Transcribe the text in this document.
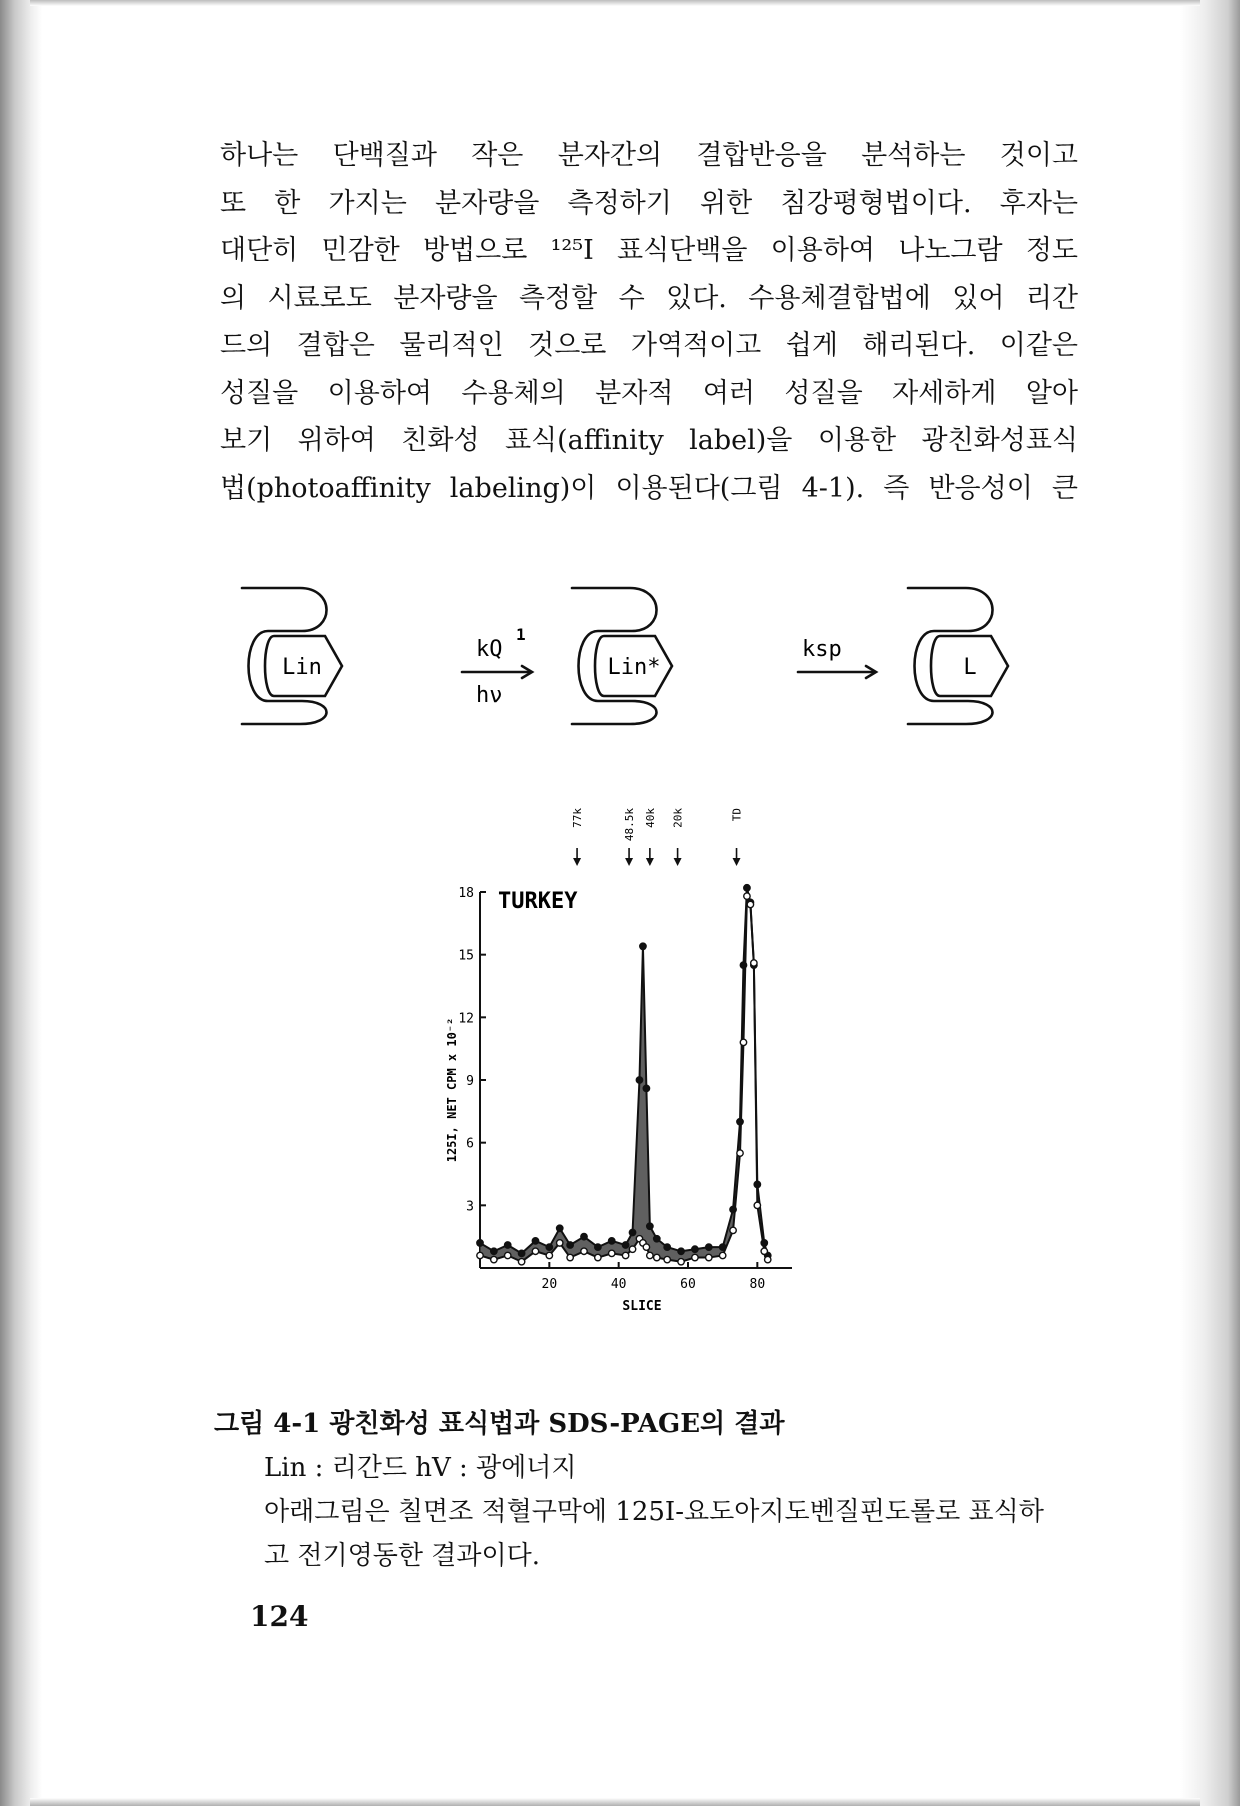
하나는 단백질과 작은 분자간의 결합반응을 분석하는 것이고
또 한 가지는 분자량을 측정하기 위한 침강평형법이다. 후자는
대단히 민감한 방법으로 ¹²⁵I 표식단백을 이용하여 나노그람 정도
의 시료로도 분자량을 측정할 수 있다. 수용체결합법에 있어 리간
드의 결합은 물리적인 것으로 가역적이고 쉽게 해리된다. 이같은
성질을 이용하여 수용체의 분자적 여러 성질을 자세하게 알아
보기 위하여 친화성 표식(affinity label)을 이용한 광친화성표식
법(photoaffinity labeling)이 이용된다(그림 4-1). 즉 반응성이 큰
Lin	Lin*	L
kQ
1
hν
ksp
3
6
9
12
15
18
20	40	60	80
77k	48.5k 40k 20k	TD
TURKEY
SLICE
125I, NET CPM x 10⁻²
그림 4-1 광친화성 표식법과 SDS-PAGE의 결과
Lin : 리간드 hV : 광에너지
아래그림은 칠면조 적혈구막에 125I-요도아지도벤질핀도롤로 표식하
고 전기영동한 결과이다.
124
